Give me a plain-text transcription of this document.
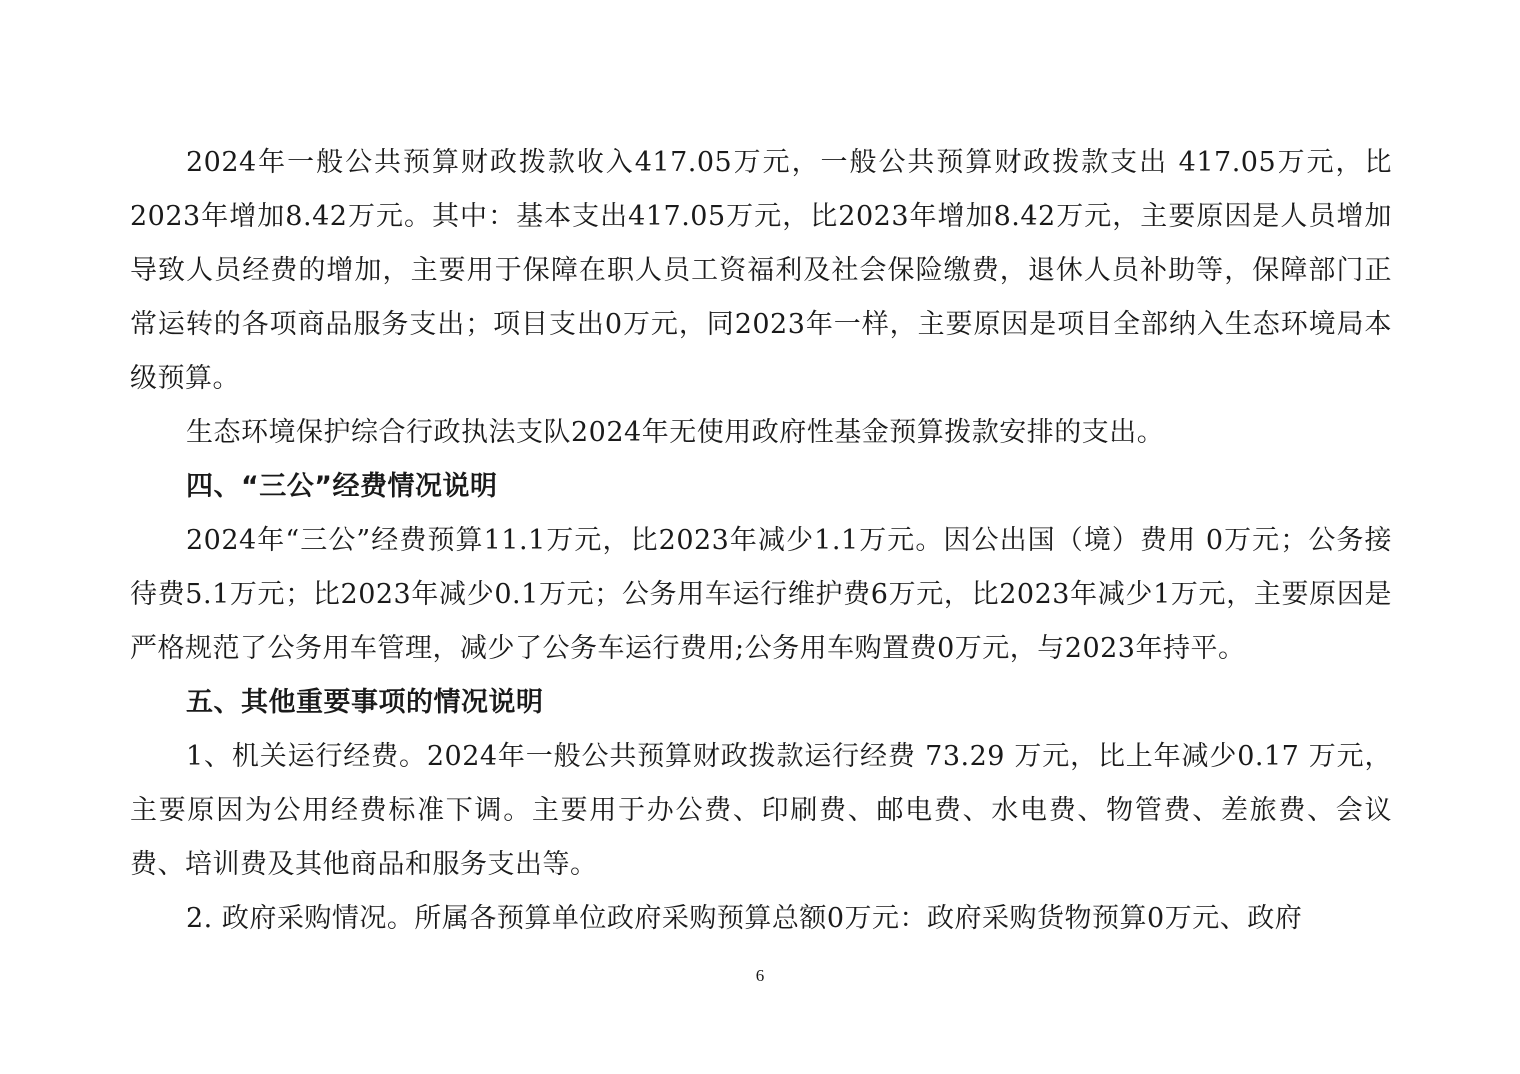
2024年一般公共预算财政拨款收入417.05万元，一般公共预算财政拨款支出 417.05万元，比2023年增加8.42万元。其中：基本支出417.05万元，比2023年增加8.42万元，主要原因是人员增加导致人员经费的增加，主要用于保障在职人员工资福利及社会保险缴费，退休人员补助等，保障部门正常运转的各项商品服务支出；项目支出0万元，同2023年一样，主要原因是项目全部纳入生态环境局本级预算。

生态环境保护综合行政执法支队2024年无使用政府性基金预算拨款安排的支出。

四、“三公”经费情况说明

2024年“三公”经费预算11.1万元，比2023年减少1.1万元。因公出国（境）费用 0万元；公务接待费5.1万元；比2023年减少0.1万元；公务用车运行维护费6万元，比2023年减少1万元，主要原因是严格规范了公务用车管理，减少了公务车运行费用;公务用车购置费0万元，与2023年持平。

五、其他重要事项的情况说明

1、机关运行经费。2024年一般公共预算财政拨款运行经费 73.29 万元，比上年减少0.17 万元，主要原因为公用经费标准下调。主要用于办公费、印刷费、邮电费、水电费、物管费、差旅费、会议费、培训费及其他商品和服务支出等。

2. 政府采购情况。所属各预算单位政府采购预算总额0万元：政府采购货物预算0万元、政府

6
